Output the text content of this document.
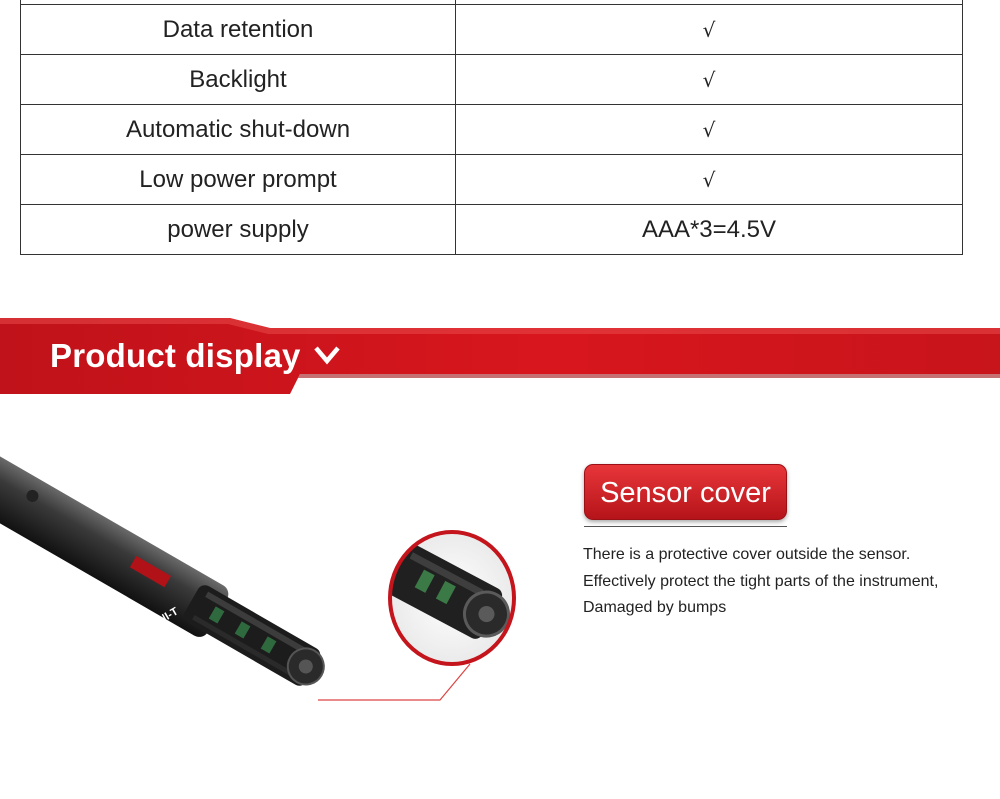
Data retention	√
Backlight	√
Automatic shut-down	√
Low power prompt	√
power supply	AAA*3=4.5V
Product display
UNI-T
Sensor cover
There is a protective cover outside the sensor.
Effectively protect the tight parts of the instrument,
Damaged by bumps
